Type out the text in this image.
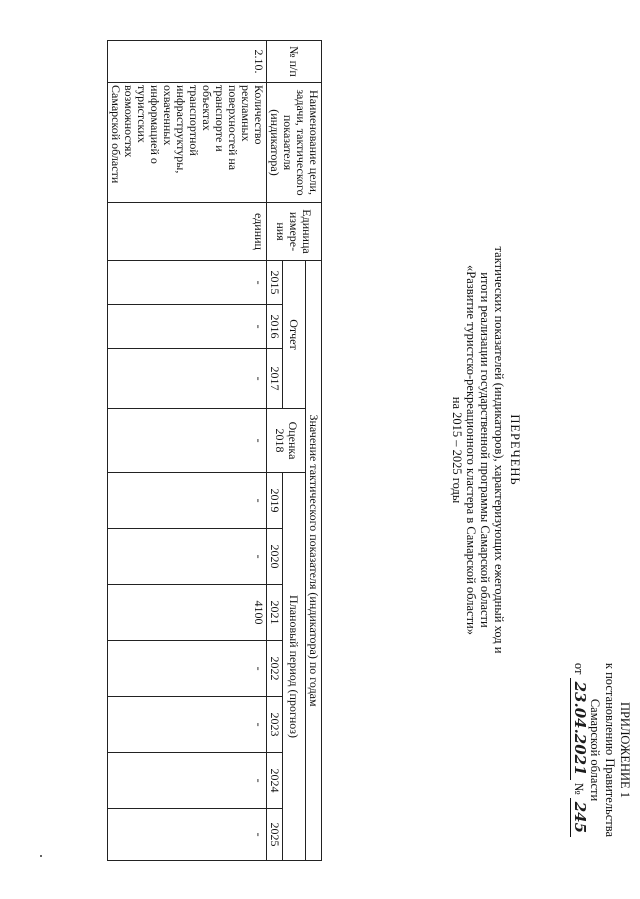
ПРИЛОЖЕНИЕ 1
к постановлению Правительства
Самарской области
от 23.04.2021 № 245
ПЕРЕЧЕНЬ
тактических показателей (индикаторов), характеризующих ежегодный ход и
итоги реализации государственной программы Самарской области
«Развитие туристско-рекреационного кластера в Самарской области»
на 2015 – 2025 годы
№ п/п	Наименование цели, задачи, тактического показателя (индикатора)	Единица измере-ния	Значение тактического показателя (индикатора) по годам										
			Отчет			Оценка 2018	Плановый период (прогноз)						
			2015	2016	2017		2019	2020	2021	2022	2023	2024	2025
2.10.	Количество рекламных поверхностей на транспорте и объектах транспортной инфраструктуры, охваченных информацией о туристских возможностях Самарской области	единиц	-	-	-	-	-	-	4100	-	-	-	-
